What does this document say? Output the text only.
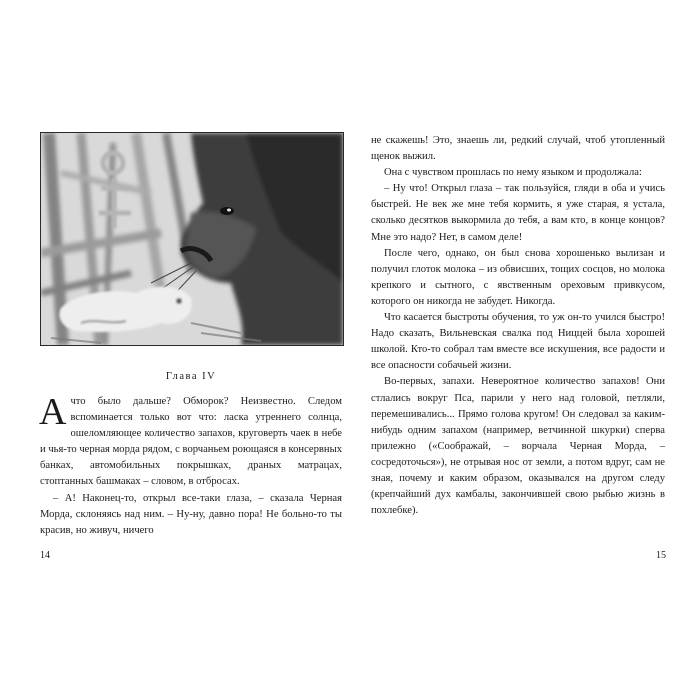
Глава IV

Ачто было дальше? Обморок? Неизвестно. Следом вспоминается только вот что: ласка утреннего солнца, ошеломляющее количество запахов, круговерть чаек в небе и чья-то черная морда рядом, с ворчаньем роющаяся в консервных банках, автомобильных покрышках, драных матрацах, стоптанных башмаках – словом, в отбросах.

– А! Наконец-то, открыл все-таки глаза, – сказала Черная Морда, склоняясь над ним. – Ну-ну, давно пора! Не больно-то ты красив, но живуч, ничего

14

не скажешь! Это, знаешь ли, редкий случай, чтоб утопленный щенок выжил.

Она с чувством прошлась по нему языком и продолжала:

– Ну что! Открыл глаза – так пользуйся, гляди в оба и учись быстрей. Не век же мне тебя кормить, я уже старая, я устала, сколько десятков выкормила до тебя, а вам кто, в конце концов? Мне это надо? Нет, в самом деле!

После чего, однако, он был снова хорошенько вылизан и получил глоток молока – из обвисших, тощих сосцов, но молока крепкого и сытного, с явственным ореховым привкусом, которого он никогда не забудет. Никогда.

Что касается быстроты обучения, то уж он-то учился быстро! Надо сказать, Вильневская свалка под Ниццей была хорошей школой. Кто-то собрал там вместе все искушения, все радости и все опасности собачьей жизни.

Во-первых, запахи. Невероятное количество запахов! Они стлались вокруг Пса, парили у него над головой, петляли, перемешивались... Прямо голова кругом! Он следовал за каким-нибудь одним запахом (например, ветчинной шкурки) сперва прилежно («Соображай, – ворчала Черная Морда, – сосредоточься»), не отрывая нос от земли, а потом вдруг, сам не зная, почему и каким образом, оказывался на другом следу (крепчайший дух камбалы, закончившей свою рыбью жизнь в похлебке).

15
